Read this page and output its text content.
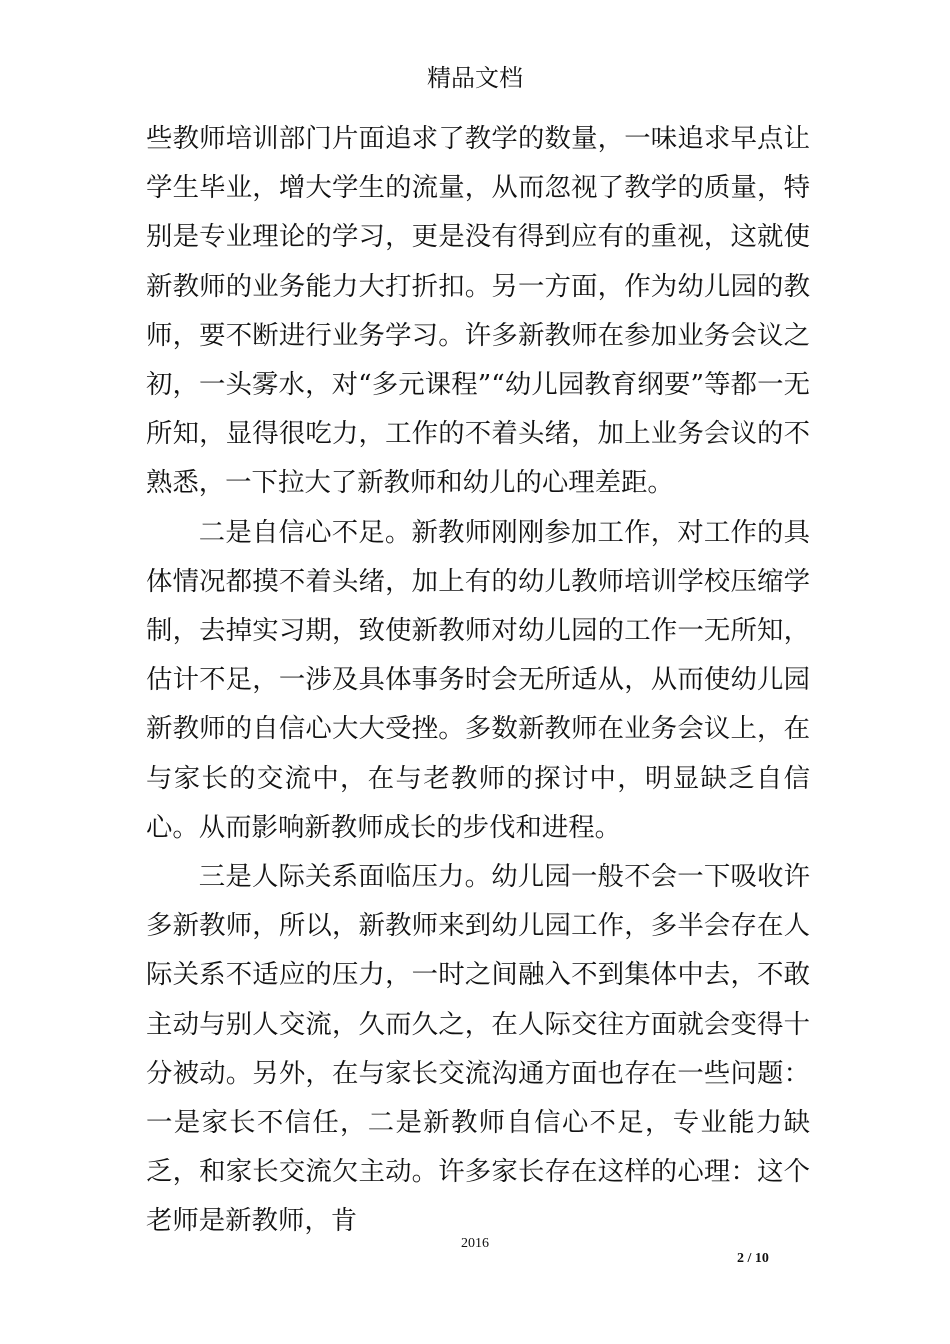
精品文档

些教师培训部门片面追求了教学的数量，一味追求早点让学生毕业，增大学生的流量，从而忽视了教学的质量，特别是专业理论的学习，更是没有得到应有的重视，这就使新教师的业务能力大打折扣。另一方面，作为幼儿园的教师，要不断进行业务学习。许多新教师在参加业务会议之初，一头雾水，对“多元课程”“幼儿园教育纲要”等都一无所知，显得很吃力，工作的不着头绪，加上业务会议的不熟悉，一下拉大了新教师和幼儿的心理差距。

二是自信心不足。新教师刚刚参加工作，对工作的具体情况都摸不着头绪，加上有的幼儿教师培训学校压缩学制，去掉实习期，致使新教师对幼儿园的工作一无所知，估计不足，一涉及具体事务时会无所适从，从而使幼儿园新教师的自信心大大受挫。多数新教师在业务会议上，在与家长的交流中，在与老教师的探讨中，明显缺乏自信心。从而影响新教师成长的步伐和进程。

三是人际关系面临压力。幼儿园一般不会一下吸收许多新教师，所以，新教师来到幼儿园工作，多半会存在人际关系不适应的压力，一时之间融入不到集体中去，不敢主动与别人交流，久而久之，在人际交往方面就会变得十分被动。另外，在与家长交流沟通方面也存在一些问题：一是家长不信任，二是新教师自信心不足，专业能力缺乏，和家长交流欠主动。许多家长存在这样的心理：这个老师是新教师，肯

2016
2 / 10
